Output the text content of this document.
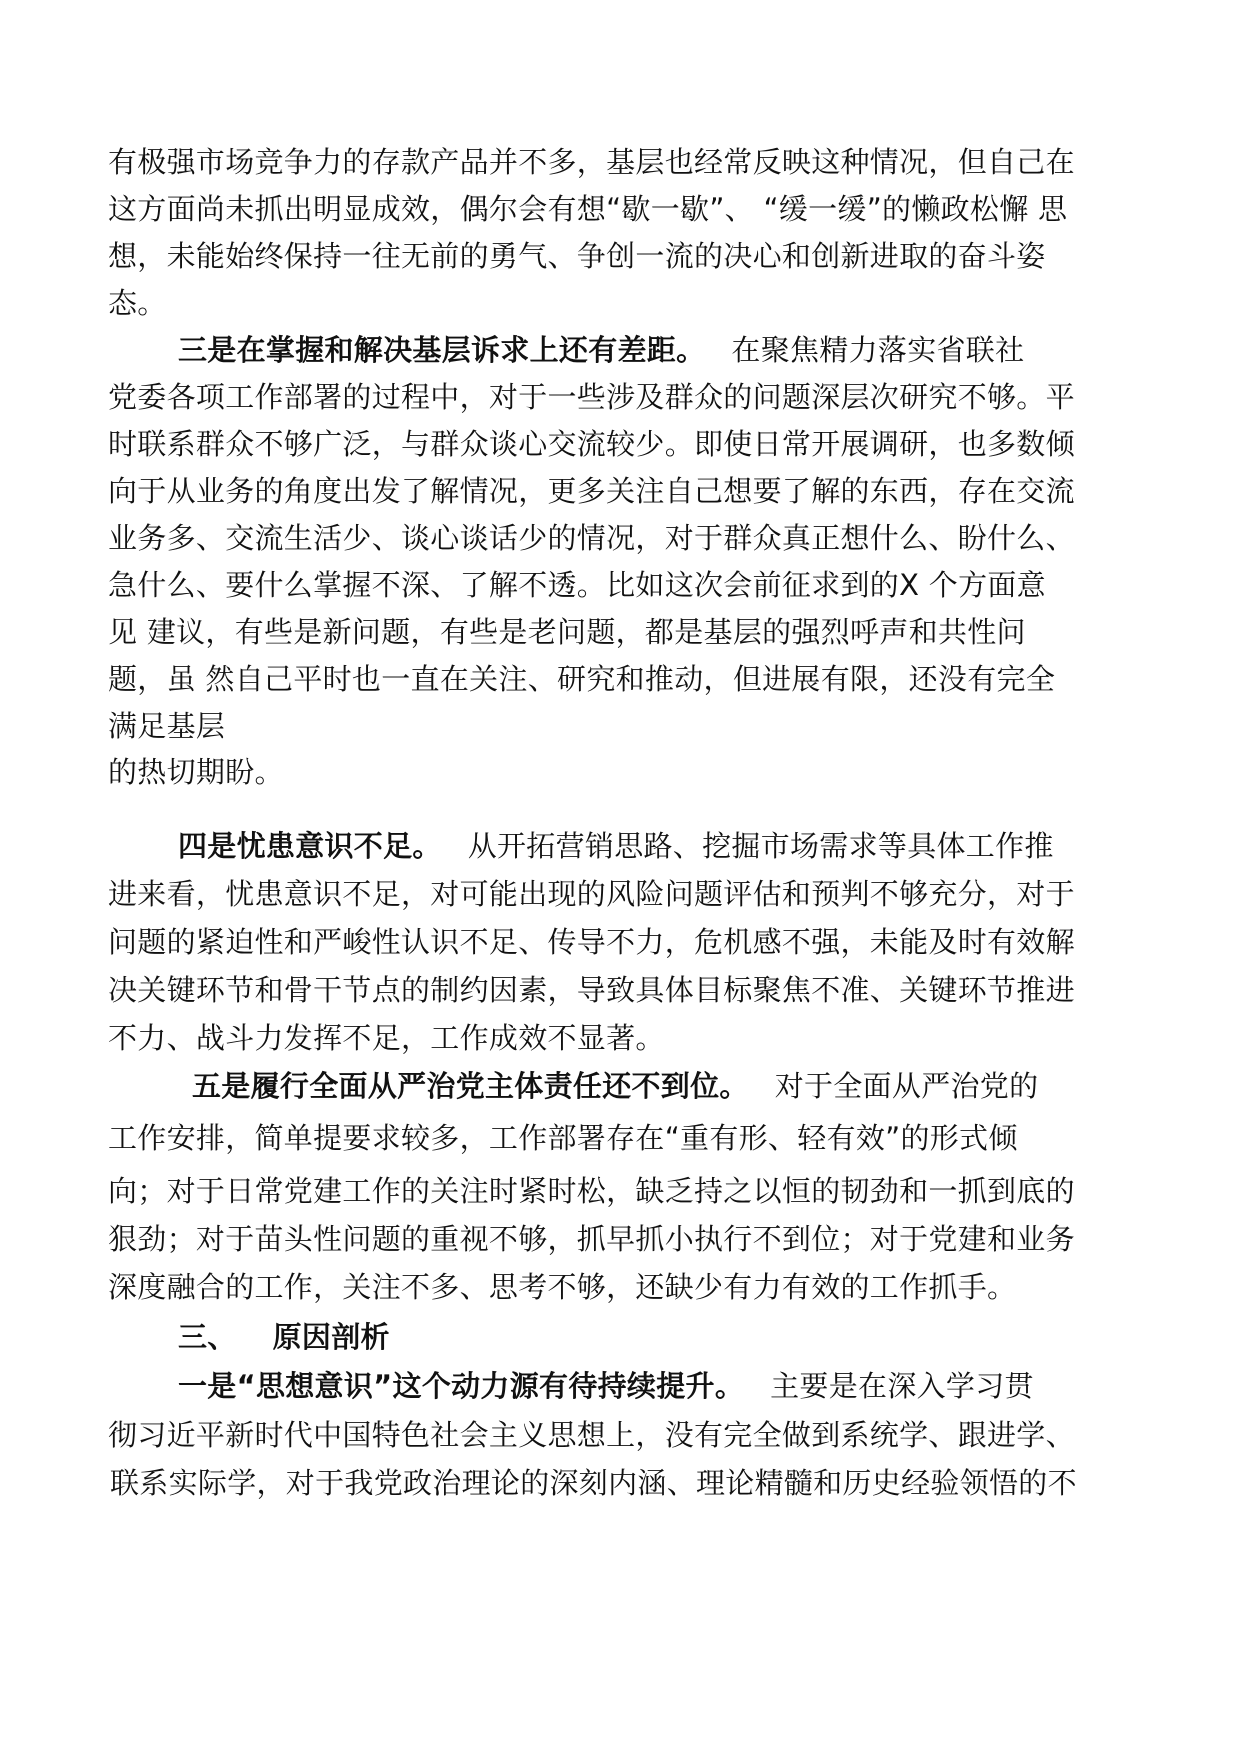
有极强市场竞争力的存款产品并不多，基层也经常反映这种情况，但自己在
这方面尚未抓出明显成效，偶尔会有想“歇一歇”、 “缓一缓”的懒政松懈 思
想，未能始终保持一往无前的勇气、争创一流的决心和创新进取的奋斗姿
态。
三是在掌握和解决基层诉求上还有差距。 在聚焦精力落实省联社
党委各项工作部署的过程中，对于一些涉及群众的问题深层次研究不够。平
时联系群众不够广泛，与群众谈心交流较少。即使日常开展调研，也多数倾
向于从业务的角度出发了解情况，更多关注自己想要了解的东西，存在交流
业务多、交流生活少、谈心谈话少的情况，对于群众真正想什么、盼什么、
急什么、要什么掌握不深、了解不透。比如这次会前征求到的X 个方面意
见 建议，有些是新问题，有些是老问题，都是基层的强烈呼声和共性问
题，虽 然自己平时也一直在关注、研究和推动，但进展有限，还没有完全
满足基层
的热切期盼。
四是忧患意识不足。 从开拓营销思路、挖掘市场需求等具体工作推
进来看，忧患意识不足，对可能出现的风险问题评估和预判不够充分，对于
问题的紧迫性和严峻性认识不足、传导不力，危机感不强，未能及时有效解
决关键环节和骨干节点的制约因素，导致具体目标聚焦不准、关键环节推进
不力、战斗力发挥不足，工作成效不显著。
五是履行全面从严治党主体责任还不到位。 对于全面从严治党的
工作安排，简单提要求较多，工作部署存在“重有形、轻有效”的形式倾
向；对于日常党建工作的关注时紧时松，缺乏持之以恒的韧劲和一抓到底的
狠劲；对于苗头性问题的重视不够，抓早抓小执行不到位；对于党建和业务
深度融合的工作，关注不多、思考不够，还缺少有力有效的工作抓手。
三、 原因剖析
一是“思想意识”这个动力源有待持续提升。 主要是在深入学习贯
彻习近平新时代中国特色社会主义思想上，没有完全做到系统学、跟进学、
联系实际学，对于我党政治理论的深刻内涵、理论精髓和历史经验领悟的不
